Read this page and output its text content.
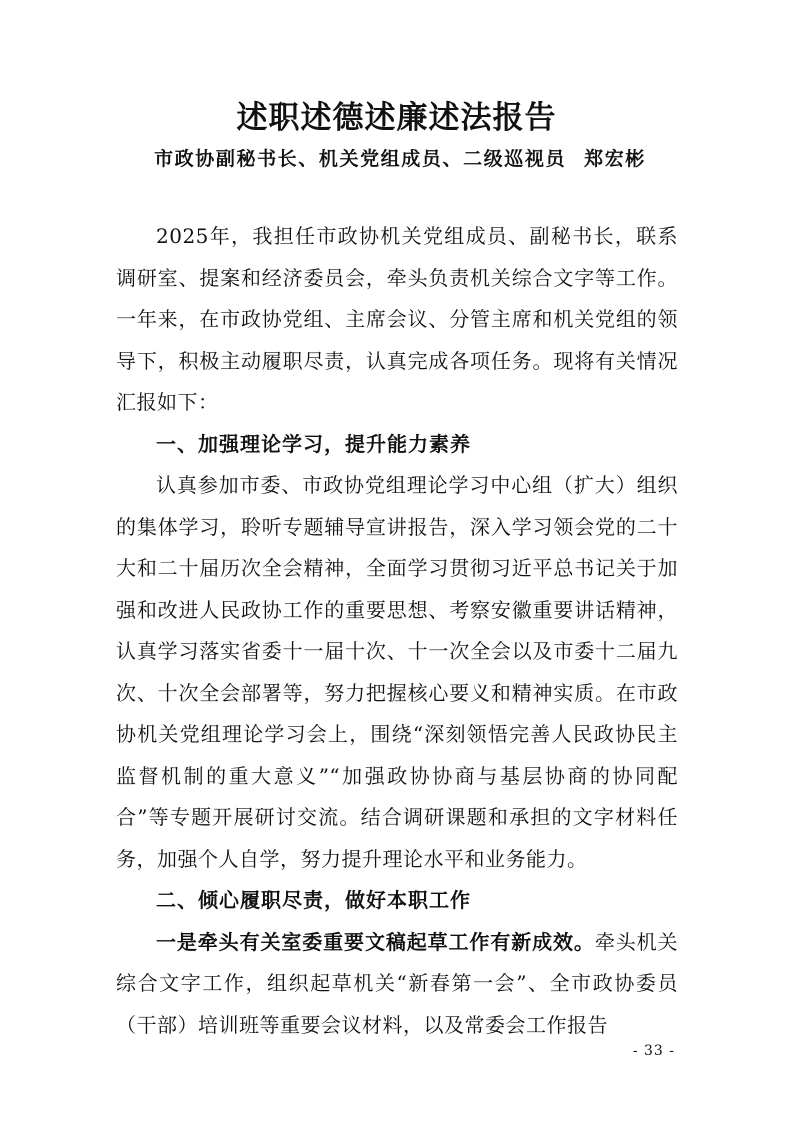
述职述德述廉述法报告
市政协副秘书长、机关党组成员、二级巡视员 郑宏彬

2025年，我担任市政协机关党组成员、副秘书长，联系调研室、提案和经济委员会，牵头负责机关综合文字等工作。一年来，在市政协党组、主席会议、分管主席和机关党组的领导下，积极主动履职尽责，认真完成各项任务。现将有关情况汇报如下：

一、加强理论学习，提升能力素养

认真参加市委、市政协党组理论学习中心组（扩大）组织的集体学习，聆听专题辅导宣讲报告，深入学习领会党的二十大和二十届历次全会精神，全面学习贯彻习近平总书记关于加强和改进人民政协工作的重要思想、考察安徽重要讲话精神，认真学习落实省委十一届十次、十一次全会以及市委十二届九次、十次全会部署等，努力把握核心要义和精神实质。在市政协机关党组理论学习会上，围绕“深刻领悟完善人民政协民主监督机制的重大意义”“加强政协协商与基层协商的协同配合”等专题开展研讨交流。结合调研课题和承担的文字材料任务，加强个人自学，努力提升理论水平和业务能力。

二、倾心履职尽责，做好本职工作

一是牵头有关室委重要文稿起草工作有新成效。牵头机关综合文字工作，组织起草机关“新春第一会”、全市政协委员（干部）培训班等重要会议材料，以及常委会工作报告

- 33 -
